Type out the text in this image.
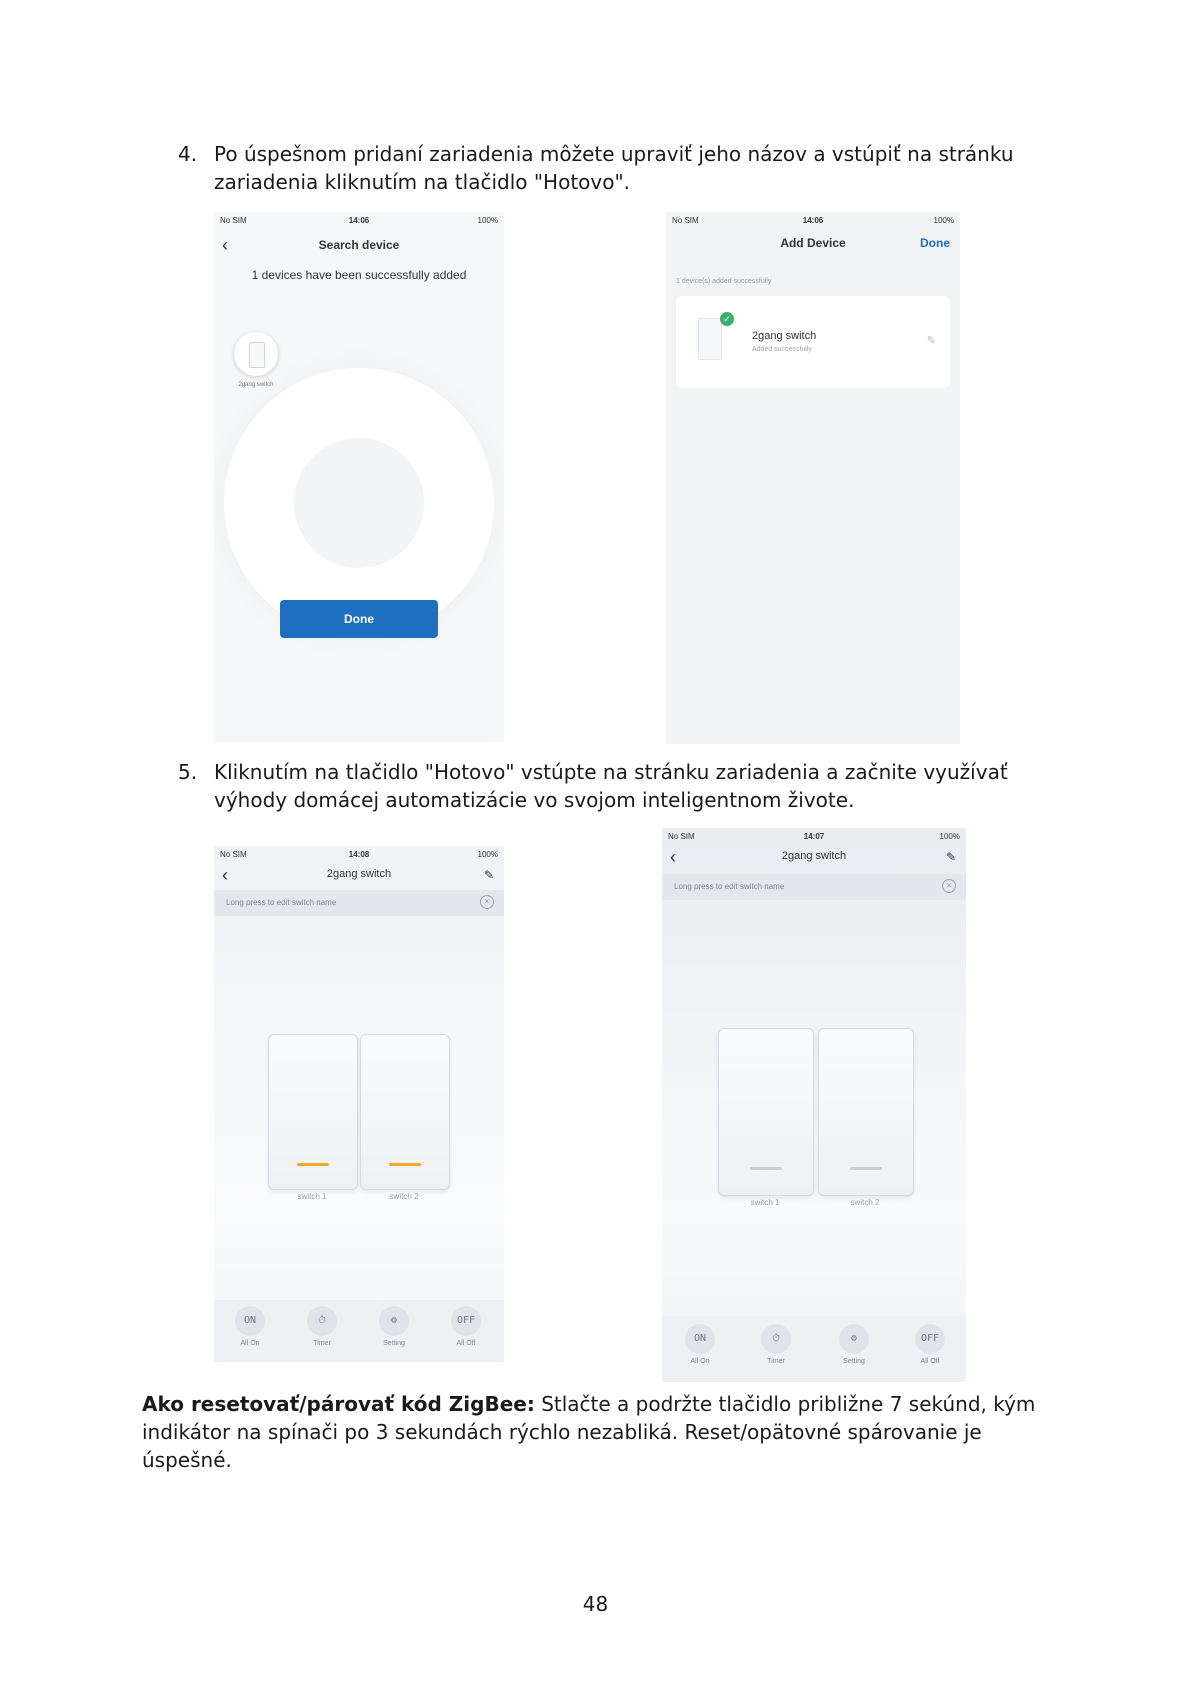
4. Po úspešnom pridaní zariadenia môžete upraviť jeho názov a vstúpiť na stránku zariadenia kliknutím na tlačidlo "Hotovo".
No SIM	14:06	100%
‹	Search device
1 devices have been successfully added
2gang switch
Done
No SIM	14:06	100%
Add Device	Done
1 device(s) added successfully
✓
2gang switch
Added successfully
✎
5. Kliknutím na tlačidlo "Hotovo" vstúpte na stránku zariadenia a začnite využívať výhody domácej automatizácie vo svojom inteligentnom živote.
No SIM	14:08	100%
‹	2gang switch	✎
Long press to edit switch name	×
switch 1	switch 2
ON
All On
⏱
Timer
⚙
Setting
OFF
All Off
No SIM	14:07	100%
‹	2gang switch	✎
Long press to edit switch name	×
switch 1	switch 2
ON
All On
⏱
Timer
⚙
Setting
OFF
All Off
Ako resetovať/párovať kód ZigBee: Stlačte a podržte tlačidlo približne 7 sekúnd, kým indikátor na spínači po 3 sekundách rýchlo nezabliká. Reset/opätovné spárovanie je úspešné.
48
